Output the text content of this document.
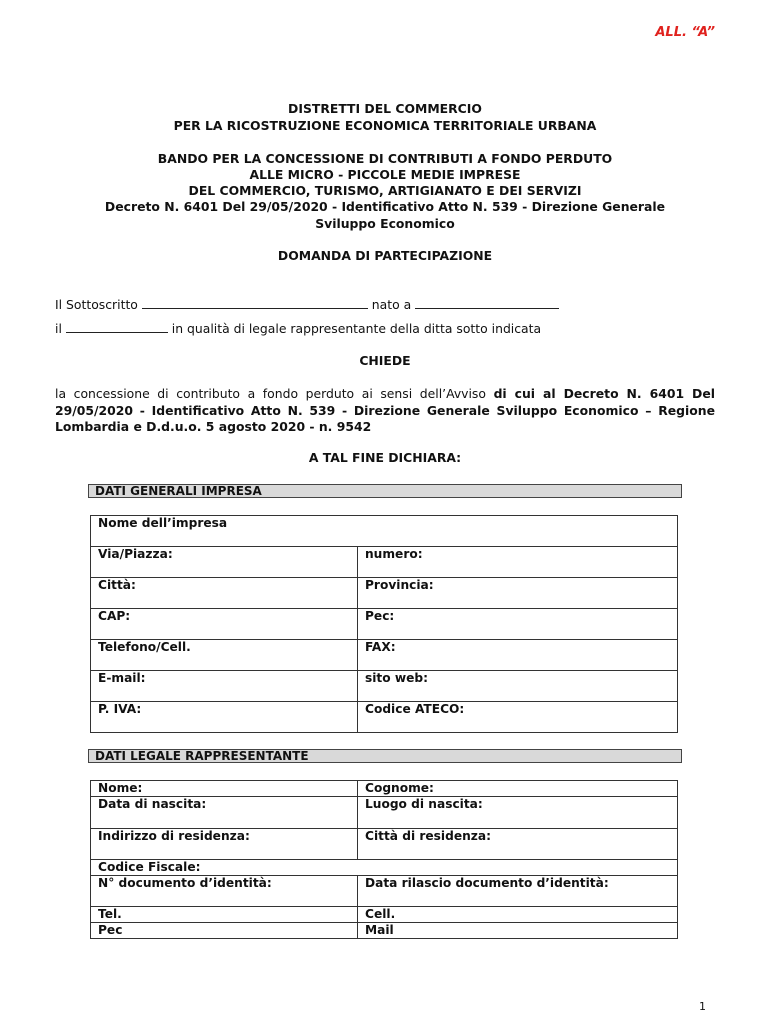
ALL. “A”
DISTRETTI DEL COMMERCIO
PER LA RICOSTRUZIONE ECONOMICA TERRITORIALE URBANA
BANDO PER LA CONCESSIONE DI CONTRIBUTI A FONDO PERDUTO
ALLE MICRO - PICCOLE MEDIE IMPRESE
DEL COMMERCIO, TURISMO, ARTIGIANATO E DEI SERVIZI
Decreto N. 6401 Del 29/05/2020 - Identificativo Atto N. 539 - Direzione Generale
Sviluppo Economico
DOMANDA DI PARTECIPAZIONE
Il Sottoscritto	nato a
il	in qualità di legale rappresentante della ditta sotto indicata
CHIEDE
la concessione di contributo a fondo perduto ai sensi dell’Avviso di cui al Decreto N. 6401 Del 29/05/2020 - Identificativo Atto N. 539 - Direzione Generale Sviluppo Economico – Regione Lombardia e D.d.u.o. 5 agosto 2020 - n. 9542
A TAL FINE DICHIARA:
DATI GENERALI IMPRESA
Nome dell’impresa	
Via/Piazza:	numero:
Città:	Provincia:
CAP:	Pec:
Telefono/Cell.	FAX:
E-mail:	sito web:
P. IVA:	Codice ATECO:
DATI LEGALE RAPPRESENTANTE
Nome:	Cognome:
Data di nascita:	Luogo di nascita:
Indirizzo di residenza:	Città di residenza:
Codice Fiscale:	
N° documento d’identità:	Data rilascio documento d’identità:
Tel.	Cell.
Pec	Mail
1
